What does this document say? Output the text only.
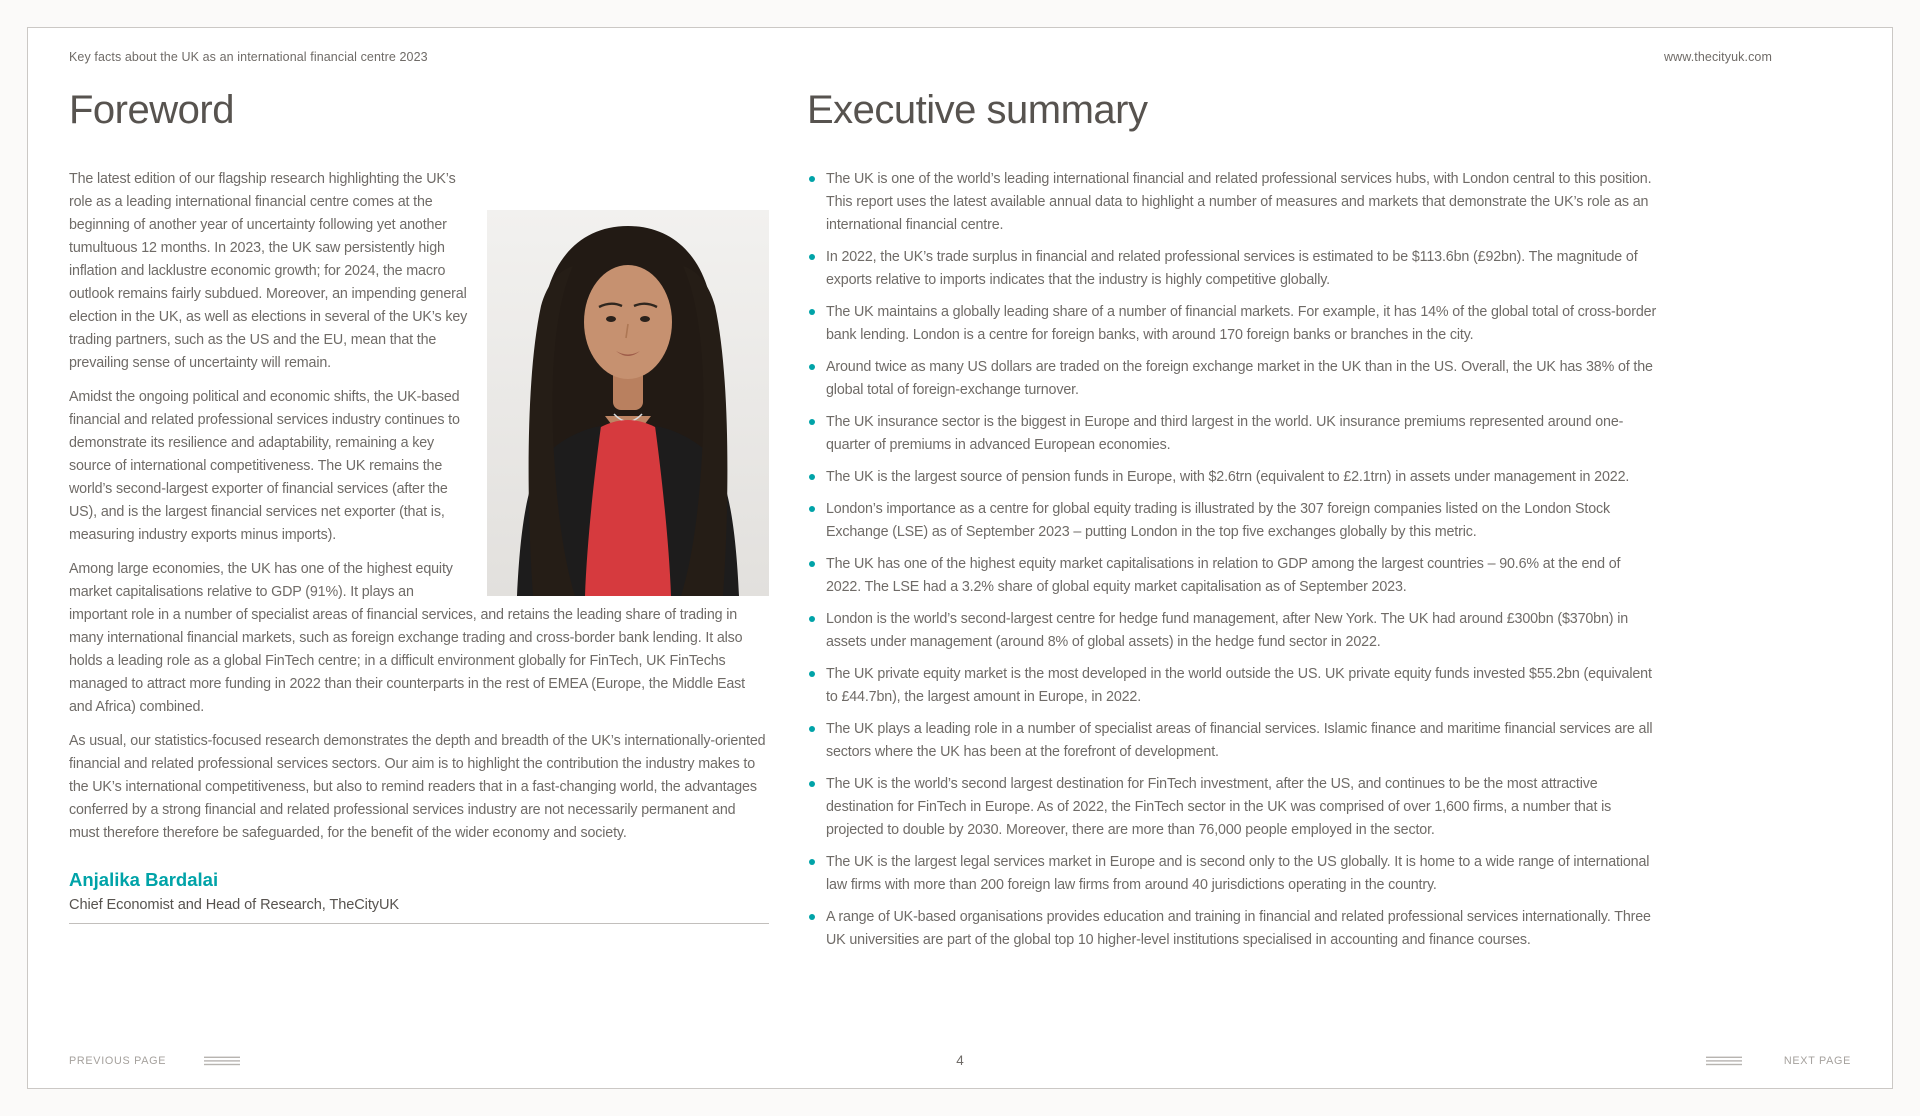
Key facts about the UK as an international financial centre 2023	www.thecityuk.com
Foreword

The latest edition of our flagship research highlighting the UK’s role as a leading international financial centre comes at the beginning of another year of uncertainty following yet another tumultuous 12 months. In 2023, the UK saw persistently high inflation and lacklustre economic growth; for 2024, the macro outlook remains fairly subdued. Moreover, an impending general election in the UK, as well as elections in several of the UK’s key trading partners, such as the US and the EU, mean that the prevailing sense of uncertainty will remain.

Amidst the ongoing political and economic shifts, the UK-based financial and related professional services industry continues to demonstrate its resilience and adaptability, remaining a key source of international competitiveness. The UK remains the world’s second-largest exporter of financial services (after the US), and is the largest financial services net exporter (that is, measuring industry exports minus imports).

Among large economies, the UK has one of the highest equity market capitalisations relative to GDP (91%). It plays an important role in a number of specialist areas of financial services, and retains the leading share of trading in many international financial markets, such as foreign exchange trading and cross-border bank lending. It also holds a leading role as a global FinTech centre; in a difficult environment globally for FinTech, UK FinTechs managed to attract more funding in 2022 than their counterparts in the rest of EMEA (Europe, the Middle East and Africa) combined.

As usual, our statistics-focused research demonstrates the depth and breadth of the UK’s internationally-oriented financial and related professional services sectors. Our aim is to highlight the contribution the industry makes to the UK’s international competitiveness, but also to remind readers that in a fast-changing world, the advantages conferred by a strong financial and related professional services industry are not necessarily permanent and must therefore therefore be safeguarded, for the benefit of the wider economy and society.

Anjalika Bardalai
Chief Economist and Head of Research, TheCityUK
Executive summary
The UK is one of the world’s leading international financial and related professional services hubs, with London central to this position. This report uses the latest available annual data to highlight a number of measures and markets that demonstrate the UK’s role as an international financial centre.
In 2022, the UK’s trade surplus in financial and related professional services is estimated to be $113.6bn (£92bn). The magnitude of exports relative to imports indicates that the industry is highly competitive globally.
The UK maintains a globally leading share of a number of financial markets. For example, it has 14% of the global total of cross-border bank lending. London is a centre for foreign banks, with around 170 foreign banks or branches in the city.
Around twice as many US dollars are traded on the foreign exchange market in the UK than in the US. Overall, the UK has 38% of the global total of foreign-exchange turnover.
The UK insurance sector is the biggest in Europe and third largest in the world. UK insurance premiums represented around one-quarter of premiums in advanced European economies.
The UK is the largest source of pension funds in Europe, with $2.6trn (equivalent to £2.1trn) in assets under management in 2022.
London’s importance as a centre for global equity trading is illustrated by the 307 foreign companies listed on the London Stock Exchange (LSE) as of September 2023 – putting London in the top five exchanges globally by this metric.
The UK has one of the highest equity market capitalisations in relation to GDP among the largest countries – 90.6% at the end of 2022. The LSE had a 3.2% share of global equity market capitalisation as of September 2023.
London is the world’s second-largest centre for hedge fund management, after New York. The UK had around £300bn ($370bn) in assets under management (around 8% of global assets) in the hedge fund sector in 2022.
The UK private equity market is the most developed in the world outside the US. UK private equity funds invested $55.2bn (equivalent to £44.7bn), the largest amount in Europe, in 2022.
The UK plays a leading role in a number of specialist areas of financial services. Islamic finance and maritime financial services are all sectors where the UK has been at the forefront of development.
The UK is the world’s second largest destination for FinTech investment, after the US, and continues to be the most attractive destination for FinTech in Europe. As of 2022, the FinTech sector in the UK was comprised of over 1,600 firms, a number that is projected to double by 2030. Moreover, there are more than 76,000 people employed in the sector.
The UK is the largest legal services market in Europe and is second only to the US globally. It is home to a wide range of international law firms with more than 200 foreign law firms from around 40 jurisdictions operating in the country.
A range of UK-based organisations provides education and training in financial and related professional services internationally. Three UK universities are part of the global top 10 higher-level institutions specialised in accounting and finance courses.
PREVIOUS PAGE	4	NEXT PAGE
